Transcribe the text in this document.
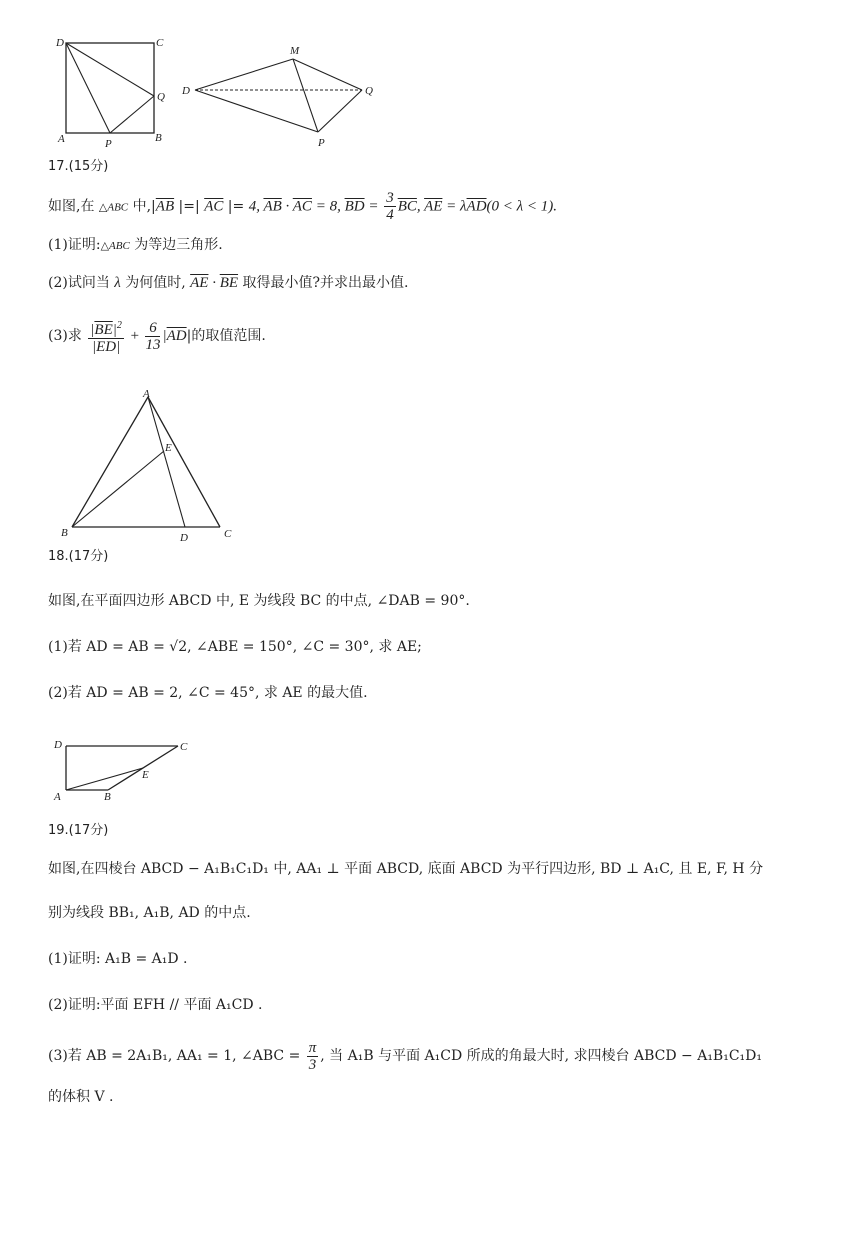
D	C
Q
A	P	B
M
D	Q
P
17.(15分)
如图,在 △ABC 中$,|\overline{AB}$ |=| $\overline{AC}$ |= 4, $\overline{AB} \cdot \overline{AC} = 8$, $\overline{BD} = \frac{3}{4} \overline{BC}$, $\overline{AE} = \lambda\overline{AD}(0 < \lambda < 1)$.
(1)证明:△ABC 为等边三角形.
(2)试问当 λ 为何值时, $\overline{AE} \cdot \overline{BE}$ 取得最小值?并求出最小值.
(3)求 $\frac{|\overline{BE}|^2}{|\overline{ED}|} + \frac{6}{13} |\overline{AD}|$的取值范围.
A
E
B	D	C
18.(17分)
如图,在平面四边形 ABCD 中, E 为线段 BC 的中点, ∠DAB = 90°.
(1)若 AD = AB = √2, ∠ABE = 150°, ∠C = 30°, 求 AE;
(2)若 AD = AB = 2, ∠C = 45°, 求 AE 的最大值.
D	C
E
A	B
19.(17分)
如图,在四棱台 ABCD − A₁B₁C₁D₁ 中, AA₁ ⊥ 平面 ABCD, 底面 ABCD 为平行四边形, BD ⊥ A₁C, 且 E, F, H 分
别为线段 BB₁, A₁B, AD 的中点.
(1)证明: A₁B = A₁D .
(2)证明:平面 EFH // 平面 A₁CD .
(3)若 AB = 2A₁B₁, AA₁ = 1, ∠ABC = $\frac{\pi}{3}$ , 当 A₁B 与平面 A₁CD 所成的角最大时, 求四棱台 ABCD − A₁B₁C₁D₁
的体积 V .
